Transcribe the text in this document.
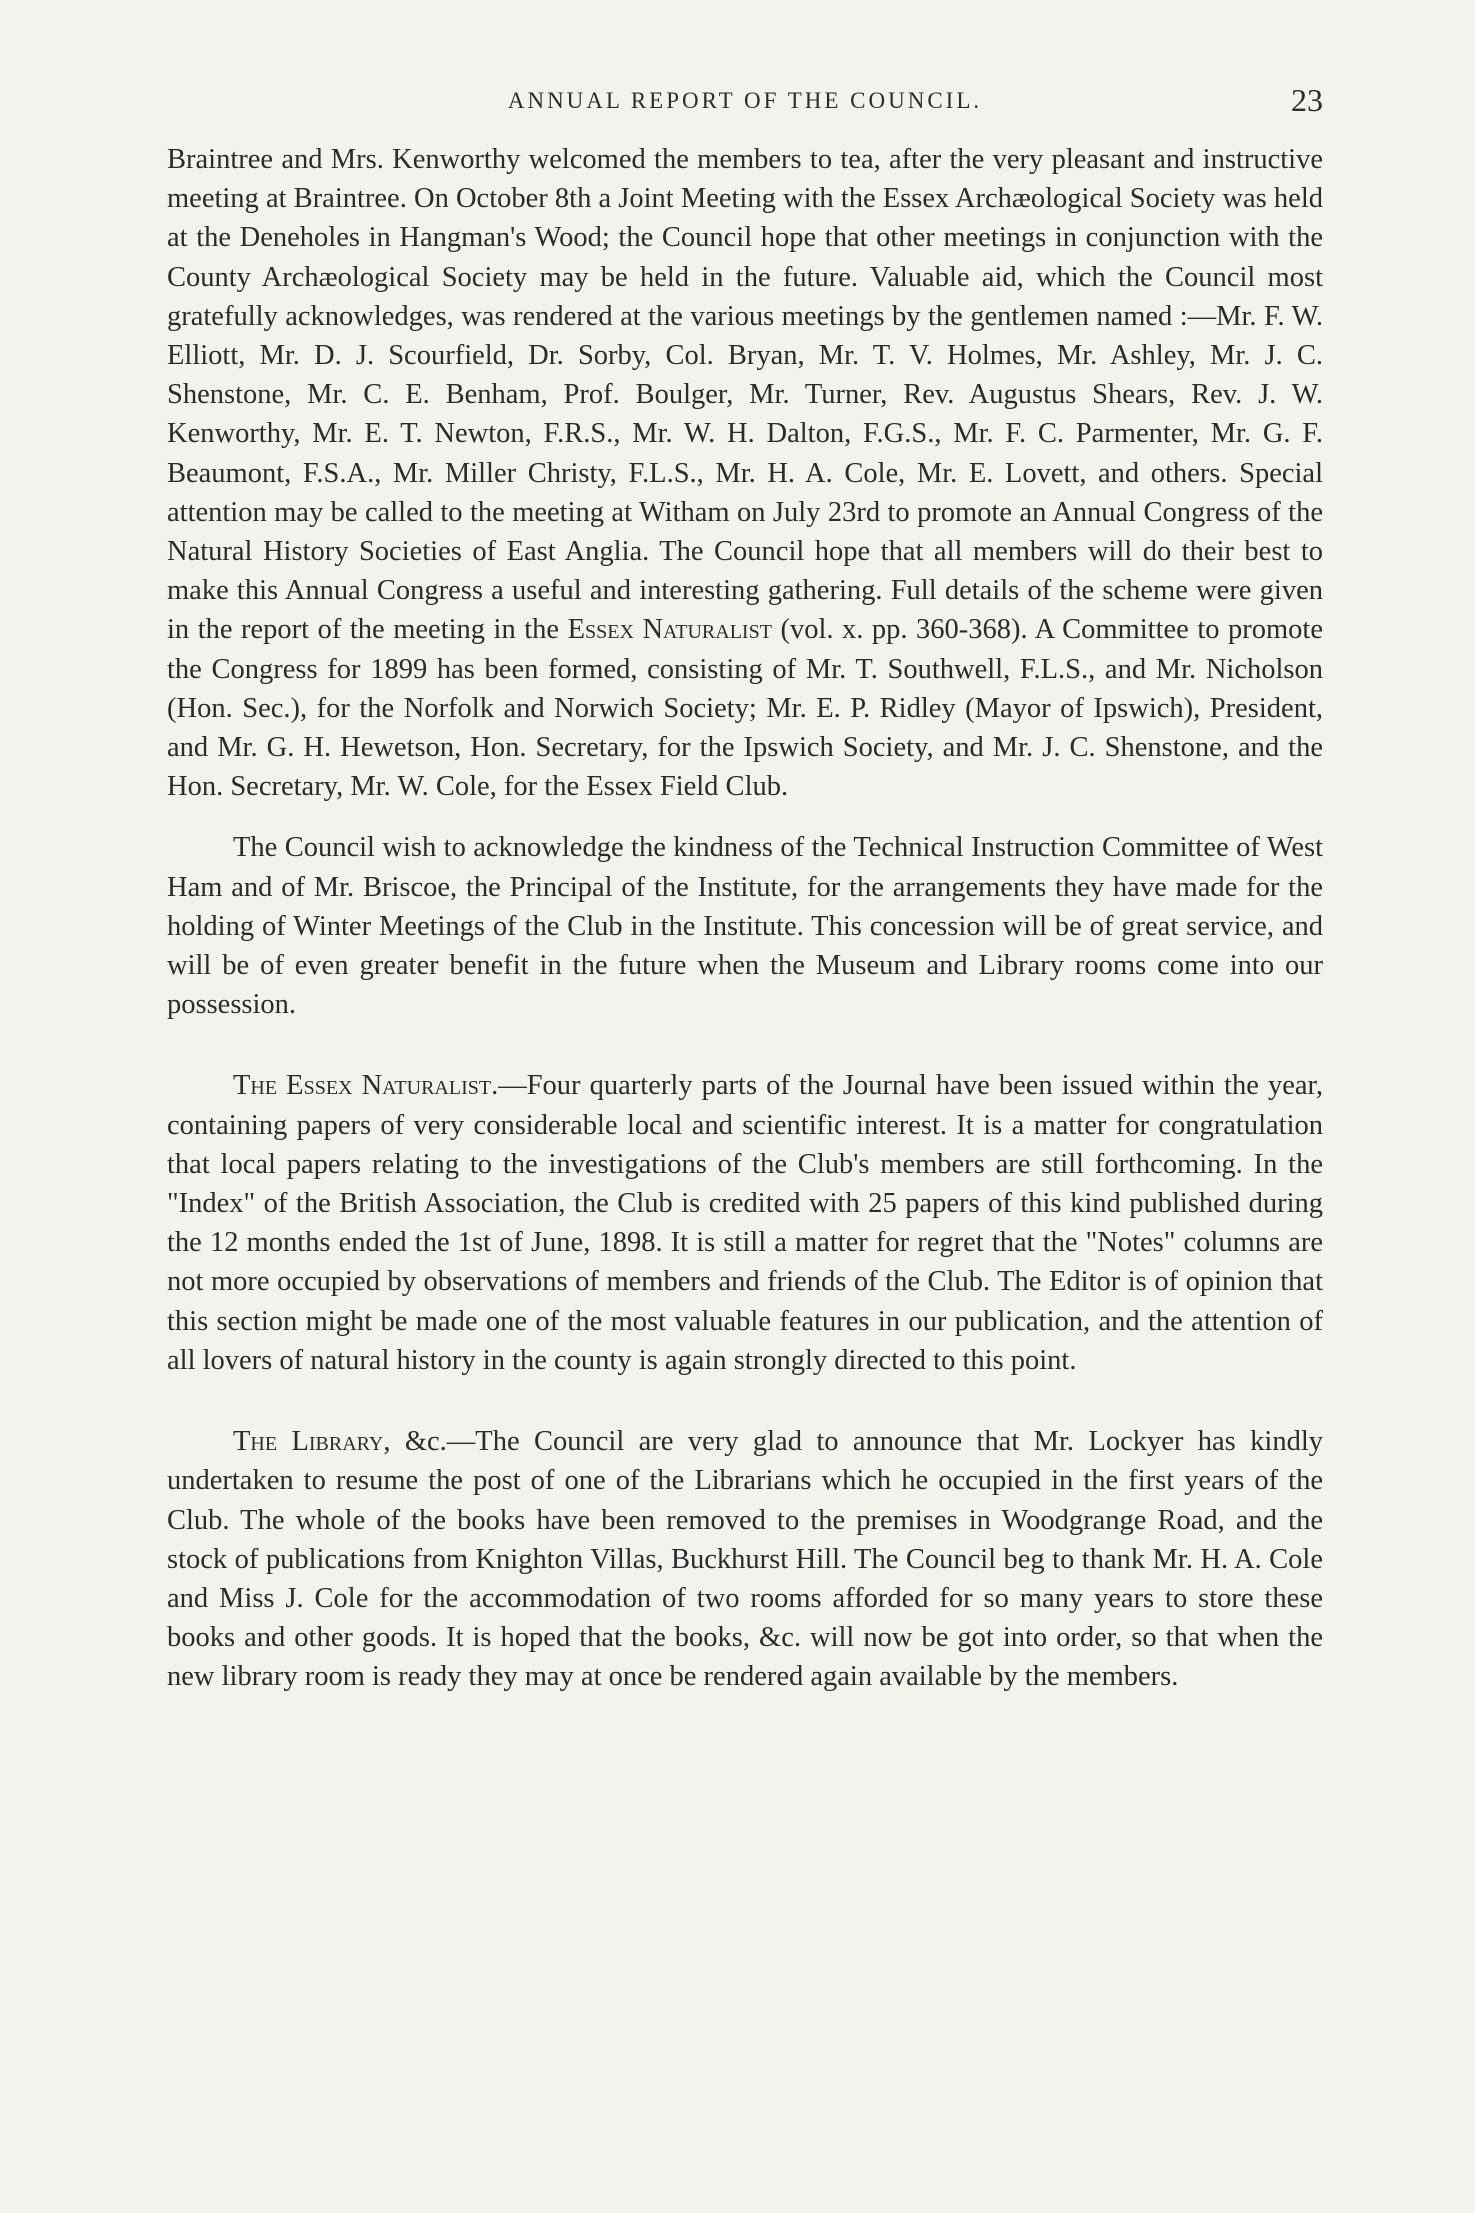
ANNUAL REPORT OF THE COUNCIL.	23

Braintree and Mrs. Kenworthy welcomed the members to tea, after the very pleasant and instructive meeting at Braintree. On October 8th a Joint Meeting with the Essex Archæological Society was held at the Deneholes in Hangman's Wood; the Council hope that other meetings in conjunction with the County Archæological Society may be held in the future. Valuable aid, which the Council most gratefully acknowledges, was rendered at the various meetings by the gentlemen named :—Mr. F. W. Elliott, Mr. D. J. Scourfield, Dr. Sorby, Col. Bryan, Mr. T. V. Holmes, Mr. Ashley, Mr. J. C. Shenstone, Mr. C. E. Benham, Prof. Boulger, Mr. Turner, Rev. Augustus Shears, Rev. J. W. Kenworthy, Mr. E. T. Newton, F.R.S., Mr. W. H. Dalton, F.G.S., Mr. F. C. Parmenter, Mr. G. F. Beaumont, F.S.A., Mr. Miller Christy, F.L.S., Mr. H. A. Cole, Mr. E. Lovett, and others. Special attention may be called to the meeting at Witham on July 23rd to promote an Annual Congress of the Natural History Societies of East Anglia. The Council hope that all members will do their best to make this Annual Congress a useful and interesting gathering. Full details of the scheme were given in the report of the meeting in the Essex Naturalist (vol. x. pp. 360-368). A Committee to promote the Congress for 1899 has been formed, consisting of Mr. T. Southwell, F.L.S., and Mr. Nicholson (Hon. Sec.), for the Norfolk and Norwich Society; Mr. E. P. Ridley (Mayor of Ipswich), President, and Mr. G. H. Hewetson, Hon. Secretary, for the Ipswich Society, and Mr. J. C. Shenstone, and the Hon. Secretary, Mr. W. Cole, for the Essex Field Club.

The Council wish to acknowledge the kindness of the Technical Instruction Committee of West Ham and of Mr. Briscoe, the Principal of the Institute, for the arrangements they have made for the holding of Winter Meetings of the Club in the Institute. This concession will be of great service, and will be of even greater benefit in the future when the Museum and Library rooms come into our possession.

The Essex Naturalist.—Four quarterly parts of the Journal have been issued within the year, containing papers of very considerable local and scientific interest. It is a matter for congratulation that local papers relating to the investigations of the Club's members are still forthcoming. In the "Index" of the British Association, the Club is credited with 25 papers of this kind published during the 12 months ended the 1st of June, 1898. It is still a matter for regret that the "Notes" columns are not more occupied by observations of members and friends of the Club. The Editor is of opinion that this section might be made one of the most valuable features in our publication, and the attention of all lovers of natural history in the county is again strongly directed to this point.

The Library, &c.—The Council are very glad to announce that Mr. Lockyer has kindly undertaken to resume the post of one of the Librarians which he occupied in the first years of the Club. The whole of the books have been removed to the premises in Woodgrange Road, and the stock of publications from Knighton Villas, Buckhurst Hill. The Council beg to thank Mr. H. A. Cole and Miss J. Cole for the accommodation of two rooms afforded for so many years to store these books and other goods. It is hoped that the books, &c. will now be got into order, so that when the new library room is ready they may at once be rendered again available by the members.
